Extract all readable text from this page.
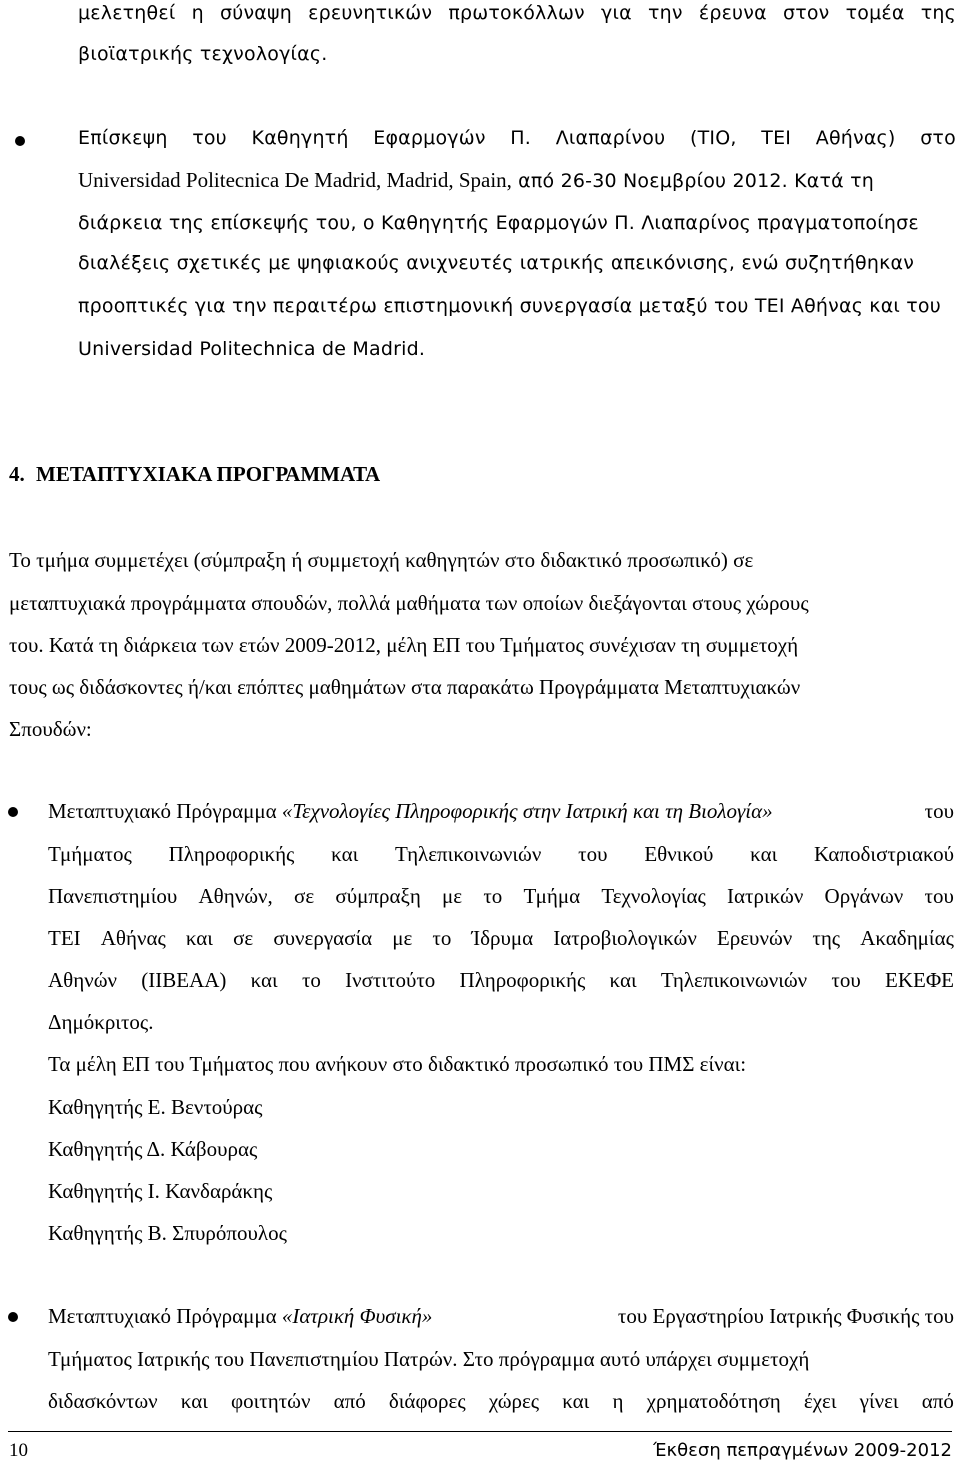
μελετηθεί η σύναψη ερευνητικών πρωτοκόλλων για την έρευνα στον τομέα της
βιοϊατρικής τεχνολογίας.
Επίσκεψη του Καθηγητή Εφαρμογών Π. Λιαπαρίνου (ΤΙΟ, ΤΕΙ Αθήνας) στο
Universidad Politecnica De Madrid, Madrid, Spain, από 26-30 Νοεμβρίου 2012. Κατά τη
διάρκεια της επίσκεψής του, ο Καθηγητής Εφαρμογών Π. Λιαπαρίνος πραγματοποίησε
διαλέξεις σχετικές με ψηφιακούς ανιχνευτές ιατρικής απεικόνισης, ενώ συζητήθηκαν
προοπτικές για την περαιτέρω επιστημονική συνεργασία μεταξύ του ΤΕΙ Αθήνας και του
Universidad Politechnica de Madrid.
4. ΜΕΤΑΠΤΥΧΙΑΚΑ ΠΡΟΓΡΑΜΜΑΤΑ
Το τμήμα συμμετέχει (σύμπραξη ή συμμετοχή καθηγητών στο διδακτικό προσωπικό) σε
μεταπτυχιακά προγράμματα σπουδών, πολλά μαθήματα των οποίων διεξάγονται στους χώρους
του. Κατά τη διάρκεια των ετών 2009-2012, μέλη ΕΠ του Τμήματος συνέχισαν τη συμμετοχή
τους ως διδάσκοντες ή/και επόπτες μαθημάτων στα παρακάτω Προγράμματα Μεταπτυχιακών
Σπουδών:
Μεταπτυχιακό Πρόγραμμα «Τεχνολογίες Πληροφορικής στην Ιατρική και τη Βιολογία»	του
Τμήματος Πληροφορικής και Τηλεπικοινωνιών του Εθνικού και Καποδιστριακού
Πανεπιστημίου Αθηνών, σε σύμπραξη με το Τμήμα Τεχνολογίας Ιατρικών Οργάνων του
ΤΕΙ Αθήνας και σε συνεργασία με το Ίδρυμα Ιατροβιολογικών Ερευνών της Ακαδημίας
Αθηνών (ΙΙΒΕΑΑ) και το Ινστιτούτο Πληροφορικής και Τηλεπικοινωνιών του ΕΚΕΦΕ
Δημόκριτος.
Τα μέλη ΕΠ του Τμήματος που ανήκουν στο διδακτικό προσωπικό του ΠΜΣ είναι:
Καθηγητής Ε. Βεντούρας
Καθηγητής Δ. Κάβουρας
Καθηγητής Ι. Κανδαράκης
Καθηγητής Β. Σπυρόπουλος
Μεταπτυχιακό Πρόγραμμα «Ιατρική Φυσική»	του Εργαστηρίου Ιατρικής Φυσικής του
Τμήματος Ιατρικής του Πανεπιστημίου Πατρών. Στο πρόγραμμα αυτό υπάρχει συμμετοχή
διδασκόντων και φοιτητών από διάφορες χώρες και η χρηματοδότηση έχει γίνει από
10	Έκθεση πεπραγμένων 2009-2012
